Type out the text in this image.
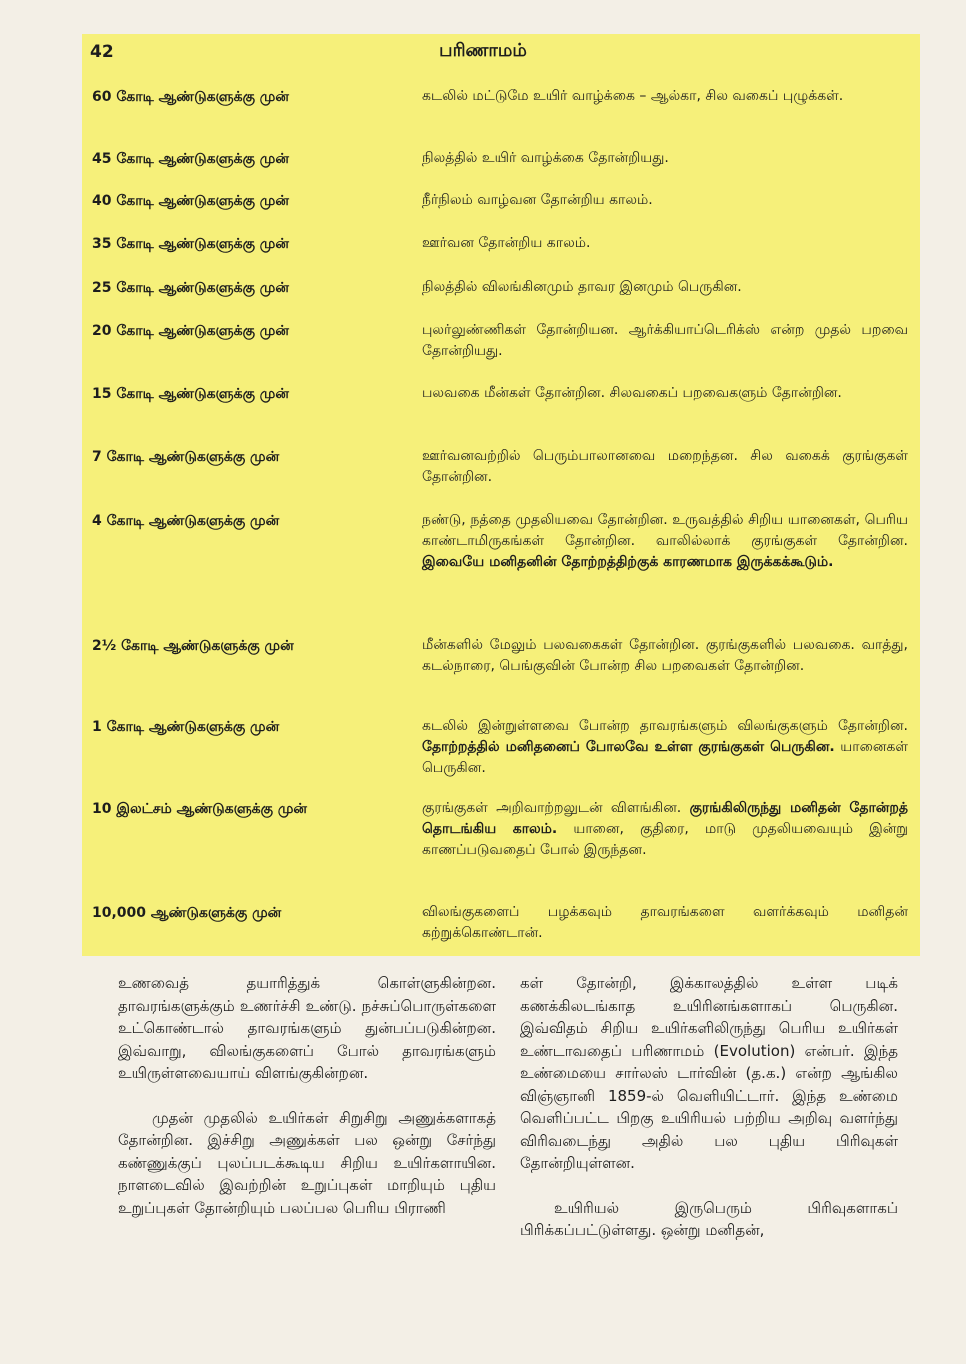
42	பரிணாமம்
60 கோடி ஆண்டுகளுக்கு முன்	கடலில் மட்டுமே உயிர் வாழ்க்கை – ஆல்கா, சில வகைப் புழுக்கள்.
45 கோடி ஆண்டுகளுக்கு முன்	நிலத்தில் உயிர் வாழ்க்கை தோன்றியது.
40 கோடி ஆண்டுகளுக்கு முன்	நீர்நிலம் வாழ்வன தோன்றிய காலம்.
35 கோடி ஆண்டுகளுக்கு முன்	ஊர்வன தோன்றிய காலம்.
25 கோடி ஆண்டுகளுக்கு முன்	நிலத்தில் விலங்கினமும் தாவர இனமும் பெருகின.
20 கோடி ஆண்டுகளுக்கு முன்	புலர்லுண்ணிகள் தோன்றியன. ஆர்க்கியாப்டெரிக்ஸ் என்ற முதல் பறவை தோன்றியது.
15 கோடி ஆண்டுகளுக்கு முன்	பலவகை மீன்கள் தோன்றின. சிலவகைப் பறவைகளும் தோன்றின.
7 கோடி ஆண்டுகளுக்கு முன்	ஊர்வனவற்றில் பெரும்பாலானவை மறைந்தன. சில வகைக் குரங்குகள் தோன்றின.
4 கோடி ஆண்டுகளுக்கு முன்	நண்டு, நத்தை முதலியவை தோன்றின. உருவத்தில் சிறிய யானைகள், பெரிய காண்டாமிருகங்கள் தோன்றின. வாலில்லாக் குரங்குகள் தோன்றின. இவையே மனிதனின் தோற்றத்திற்குக் காரணமாக இருக்கக்கூடும்.
2½ கோடி ஆண்டுகளுக்கு முன்	மீன்களில் மேலும் பலவகைகள் தோன்றின. குரங்குகளில் பலவகை. வாத்து, கடல்நாரை, பெங்குவின் போன்ற சில பறவைகள் தோன்றின.
1 கோடி ஆண்டுகளுக்கு முன்	கடலில் இன்றுள்ளவை போன்ற தாவரங்களும் விலங்குகளும் தோன்றின. தோற்றத்தில் மனிதனைப் போலவே உள்ள குரங்குகள் பெருகின. யானைகள் பெருகின.
10 இலட்சம் ஆண்டுகளுக்கு முன்	குரங்குகள் அறிவாற்றலுடன் விளங்கின. குரங்கிலிருந்து மனிதன் தோன்றத் தொடங்கிய காலம். யானை, குதிரை, மாடு முதலியவையும் இன்று காணப்படுவதைப் போல் இருந்தன.
10,000 ஆண்டுகளுக்கு முன்	விலங்குகளைப் பழக்கவும் தாவரங்களை வளர்க்கவும் மனிதன் கற்றுக்கொண்டான்.

உணவைத் தயாரித்துக் கொள்ளுகின்றன. தாவரங்களுக்கும் உணர்ச்சி உண்டு. நச்சுப்பொருள்களை உட்கொண்டால் தாவரங்களும் துன்பப்படுகின்றன. இவ்வாறு, விலங்குகளைப் போல் தாவரங்களும் உயிருள்ளவையாய் விளங்குகின்றன.

முதன் முதலில் உயிர்கள் சிறுசிறு அணுக்களாகத் தோன்றின. இச்சிறு அணுக்கள் பல ஒன்று சேர்ந்து கண்ணுக்குப் புலப்படக்கூடிய சிறிய உயிர்களாயின. நாளடைவில் இவற்றின் உறுப்புகள் மாறியும் புதிய உறுப்புகள் தோன்றியும் பலப்பல பெரிய பிராணி

கள் தோன்றி, இக்காலத்தில் உள்ள படிக் கணக்கிலடங்காத உயிரினங்களாகப் பெருகின. இவ்விதம் சிறிய உயிர்களிலிருந்து பெரிய உயிர்கள் உண்டாவதைப் பரிணாமம் (Evolution) என்பர். இந்த உண்மையை சார்லஸ் டார்வின் (த.க.) என்ற ஆங்கில விஞ்ஞானி 1859-ல் வெளியிட்டார். இந்த உண்மை வெளிப்பட்ட பிறகு உயிரியல் பற்றிய அறிவு வளர்ந்து விரிவடைந்து அதில் பல புதிய பிரிவுகள் தோன்றியுள்ளன.

உயிரியல் இருபெரும் பிரிவுகளாகப் பிரிக்கப்பட்டுள்ளது. ஒன்று மனிதன்,
